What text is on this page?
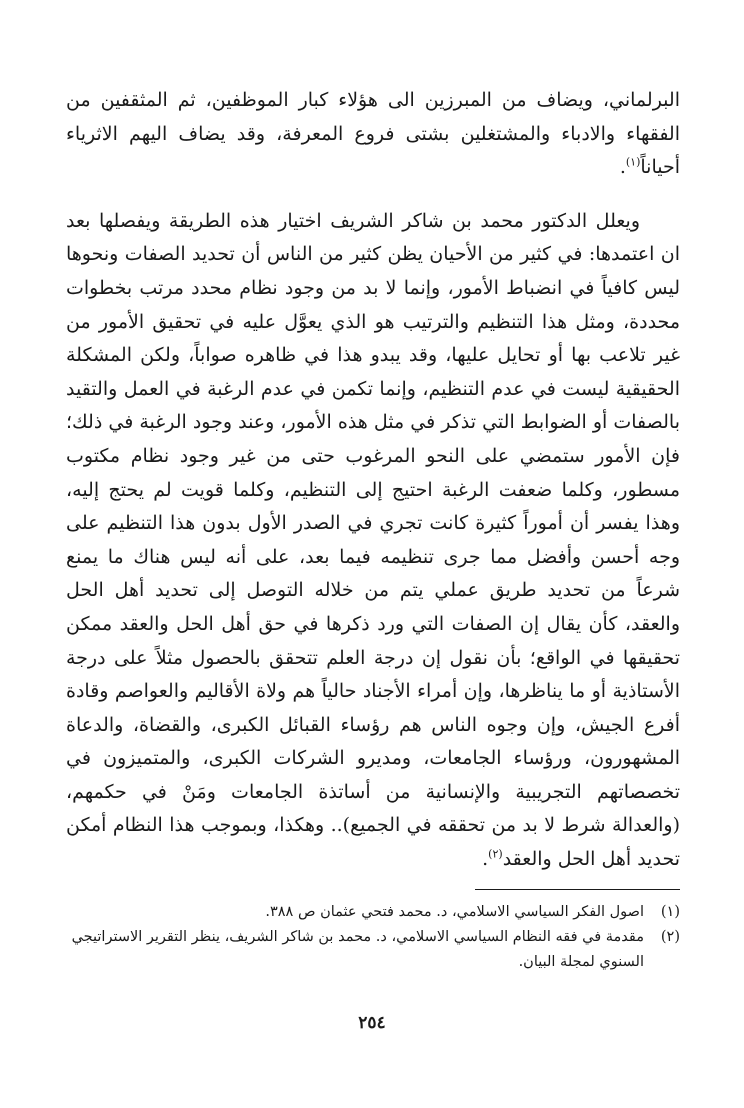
البرلماني، ويضاف من المبرزين الى هؤلاء كبار الموظفين، ثم المثقفين من الفقهاء والادباء والمشتغلين بشتى فروع المعرفة، وقد يضاف اليهم الاثرياء أحياناً$^{(١)}$.

ويعلل الدكتور محمد بن شاكر الشريف اختيار هذه الطريقة ويفصلها بعد ان اعتمدها: في كثير من الأحيان يظن كثير من الناس أن تحديد الصفات ونحوها ليس كافياً في انضباط الأمور، وإنما لا بد من وجود نظام محدد مرتب بخطوات محددة، ومثل هذا التنظيم والترتيب هو الذي يعوَّل عليه في تحقيق الأمور من غير تلاعب بها أو تحايل عليها، وقد يبدو هذا في ظاهره صواباً، ولكن المشكلة الحقيقية ليست في عدم التنظيم، وإنما تكمن في عدم الرغبة في العمل والتقيد بالصفات أو الضوابط التي تذكر في مثل هذه الأمور، وعند وجود الرغبة في ذلك؛ فإن الأمور ستمضي على النحو المرغوب حتى من غير وجود نظام مكتوب مسطور، وكلما ضعفت الرغبة احتيج إلى التنظيم، وكلما قويت لم يحتج إليه، وهذا يفسر أن أموراً كثيرة كانت تجري في الصدر الأول بدون هذا التنظيم على وجه أحسن وأفضل مما جرى تنظيمه فيما بعد، على أنه ليس هناك ما يمنع شرعاً من تحديد طريق عملي يتم من خلاله التوصل إلى تحديد أهل الحل والعقد، كأن يقال إن الصفات التي ورد ذكرها في حق أهل الحل والعقد ممكن تحقيقها في الواقع؛ بأن نقول إن درجة العلم تتحقق بالحصول مثلاً على درجة الأستاذية أو ما يناظرها، وإن أمراء الأجناد حالياً هم ولاة الأقاليم والعواصم وقادة أفرع الجيش، وإن وجوه الناس هم رؤساء القبائل الكبرى، والقضاة، والدعاة المشهورون، ورؤساء الجامعات، ومديرو الشركات الكبرى، والمتميزون في تخصصاتهم التجريبية والإنسانية من أساتذة الجامعات ومَنْ في حكمهم، (والعدالة شرط لا بد من تحققه في الجميع).. وهكذا، وبموجب هذا النظام أمكن تحديد أهل الحل والعقد$^{(٢)}$.

(١)
اصول الفكر السياسي الاسلامي، د. محمد فتحي عثمان ص ٣٨٨.
(٢)
مقدمة في فقه النظام السياسي الاسلامي، د. محمد بن شاكر الشريف، ينظر التقرير الاستراتيجي السنوي لمجلة البيان.
٢٥٤
